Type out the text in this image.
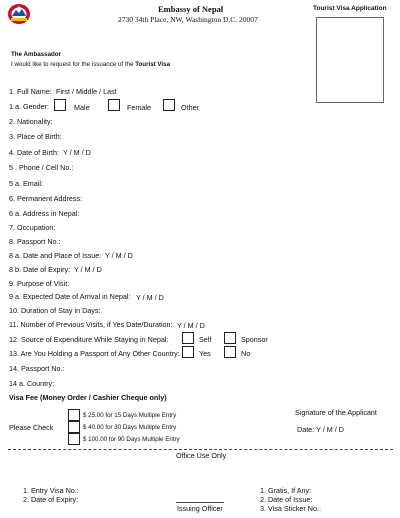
Embassy of Nepal
2730 34th Place, NW, Washington D.C. 20007
Tourist Visa Application
The Ambassador
I would like to request for the issuance of the Tourist Visa
1. Full Name: First / Middle / Last
1 a. Gender:	Male	Female	Other
2. Nationality:
3. Place of Birth:
4. Date of Birth: Y / M / D
5 . Phone / Cell No.:
5 a. Email:
6. Permanent Address:
6 a. Address in Nepal:
7. Occupation:
8. Passport No.:
8 a. Date and Place of Issue: Y / M / D
8 b. Date of Expiry: Y / M / D
9. Purpose of Visit:
9 a. Expected Date of Arrival in Nepal: Y / M / D
10. Duration of Stay in Days:
11. Number of Previous Visits, if Yes Date/Duration: Y / M / D
12. Source of Expenditure While Staying in Nepal:	Self	Sponsor
13. Are You Holding a Passport of Any Other Country:	Yes	No
14. Passport No.:
14 a. Country:
Visa Fee (Money Order / Cashier Cheque only)
$ 25.00 for 15 Days Multiple Entry
$ 40.00 for 30 Days Multiple Entry
$ 100.00 for 90 Days Multiple Entry
Please Check
Signature of the Applicant
Date: Y / M / D
Office Use Only
1. Entry Visa No.:
2. Date of Expiry:
Issuing Officer
1. Gratis, If Any:
2. Date of Issue:
3. Visa Sticker No.:
